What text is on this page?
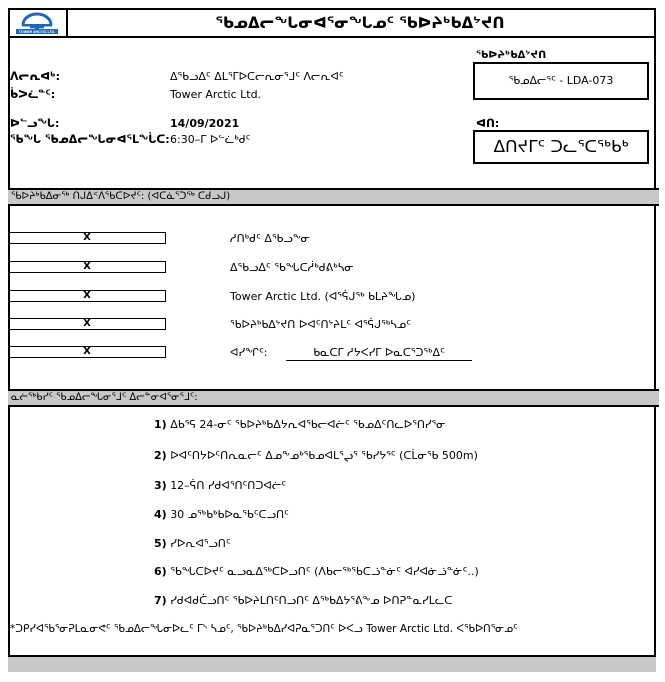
TOWER ARCTIC LTD.	ᖃᓄᐃᓕᖓᓂᐊᕐᓂᖓᓄᑦ ᖃᐅᔨᒃᑲᐃᔾᔪᑎ
ᐱᓕᕆᐊᒃ:	ᐃᖃᓗᐃᑦ ᐃᒪᕐᒥᐅᑕᓕᕆᓂᕐᒧᑦ ᐱᓕᕆᐊᑦ
ᑳᐳᓛᓐᑦ:	Tower Arctic Ltd.
ᐅᓪᓗᖓ:	14/09/2021
ᖃᖓ ᖃᓄᐃᓕᖓᓂᐊᕐᒪᖔᑕ: 6:30–ᒥ ᐅᓪᓛᒃᑯᑦ
ᖃᐅᔨᒃᑲᐃᔾᔪᑎ
ᖃᓄᐃᓕᕐᑦ - LDA-073
ᐊᑎ:
ᐃᑎᔪᒥᑦ ᑐᓚᕐᑕᖅᑲᒃ
ᖃᐅᔨᒃᑲᐃᓂᖅ ᑎᒍᐃᑉᐱᖃᑕᐅᔪᑦ: (ᐊᑕᓈᕐᑐᖅ ᑕᑯᓗᒍ)
X	ᓱᑎᒃᑯᑦ ᐃᖃᓗᖕᓂ
X	ᐃᖃᓗᐃᑦ ᖃᖓᑕᓲᒃᑯᕕᒃᓴᓂ
X	Tower Arctic Ltd. (ᐊᕐᕌᒍᖅ ᑲᒪᔨᖓᓄ)
X	ᖃᐅᔨᒃᑲᐃᔾᔪᑎ ᐅᐊᑦᑎᔾᔨᒪᑦ ᐊᕐᕌᒍᖅᓴᓄᑦ
X	ᐊᓯᖏᑦ:	ᑲᓇᑕᒥ ᓱᔭᐸᓯᒥ ᐅᓇᑕᕐᑐᖅᐃᑦ
ᓇᓖᖅᑲᓯᑦ ᖃᓄᐃᓕᖓᓂᕐᒧᑦ ᐃᓕᓐᓂᐊᕐᓂᕐᒧᑦ:
1) ᐃᑲᕐᕋ 24-ᓂᑦ ᖃᐅᔨᒃᑲᐃᔭᕆᐊᖃᓕᐊᓖᑦ ᖃᓄᐃᑦᑎᓚᐅᕐᑎᓯᕐᓂ
2) ᐅᐊᑦᑎᔭᐅᑦᑎᕆᓇᓕᑦ ᐃᓄᖕᓄᒃᖃᓄᐊᒪᕐᖢᕐ ᖃᓯᔭᕐᑦ (ᑕᒫᓂᖃ 500m)
3) 12–ᕌᑎ ᓯᑯᐊᕐᑎᑦᑎᑐᐊᓖᑦ
4) 30 ᓄᖅᑲᒃᑲᐅᓇᖃᑦᑕᓗᑎᑦ
5) ᓯᐅᕆᐊᕐᓗᑎᑦ
6) ᖃᖓᑕᐅᔪᑦ ᓇᓗᓇᐃᖅᑕᐅᓗᑎᑦ (ᐱᑲᓕᖅᖃᑕᓘᓐᓃᑦ ᐊᓯᐊᓃᓘᓐᓃᑦ..)
7) ᓯᑯᐊᑯᑖᓗᑎᑦ ᖃᐅᔨᒪᑎᑦᑎᓗᑎᑦ ᐃᖅᑲᐃᔭᕐᕕᖕᓄ ᐅᑎᕈᓐᓇᓯᒪᓚᑕ
*ᑐᑭᓯᐊᖃᕐᓂᕈᒪᓇᓂᕙᑦ ᖃᓄᐃᓕᖓᓂᐅᓚᑦ ᒥᔅ ᓴᓄᑦ, ᖃᐅᔨᒃᑲᐃᓯᐊᕈᓇᕐᑐᑎᑦ ᐅᐸᓗ Tower Arctic Ltd. ᐸᕐᑲᐅᑎᕐᓂᓄᑦ
